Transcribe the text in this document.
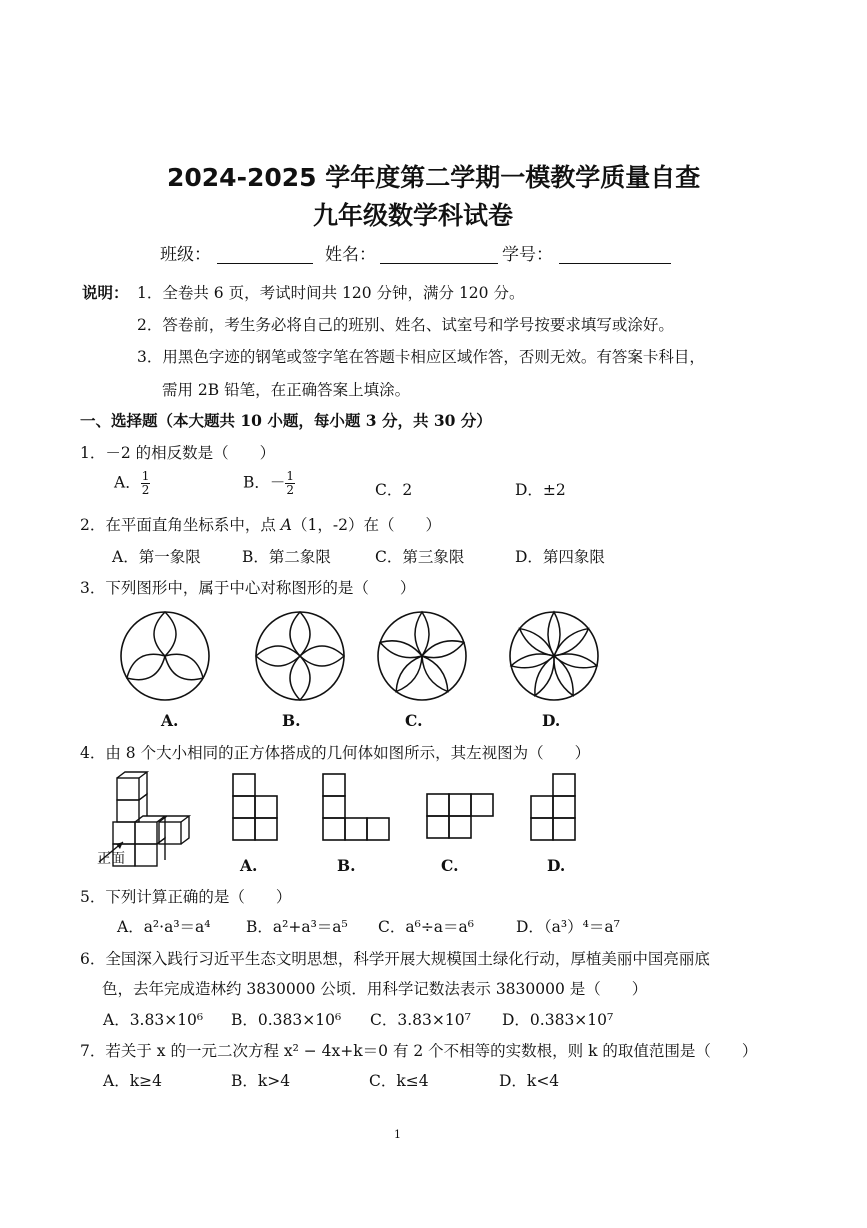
2024-2025 学年度第二学期一模教学质量自查
九年级数学科试卷
班级：	姓名：	学号：
说明： 1．全卷共 6 页，考试时间共 120 分钟，满分 120 分。
2．答卷前，考生务必将自己的班别、姓名、试室号和学号按要求填写或涂好。
3．用黑色字迹的钢笔或签字笔在答题卡相应区域作答，否则无效。有答案卡科目，
需用 2B 铅笔，在正确答案上填涂。
一、选择题（本大题共 10 小题，每小题 3 分，共 30 分）
1．－2 的相反数是（　　）
A． $\frac{1}{2}$	B．－ $\frac{1}{2}$	C．2	D．±2
2．在平面直角坐标系中，点 A（1，-2）在（　　）
A．第一象限	B．第二象限	C．第三象限	D．第四象限
3．下列图形中，属于中心对称图形的是（　　）
A.	B.	C.	D.
4．由 8 个大小相同的正方体搭成的几何体如图所示，其左视图为（　　）
正面	A.	B.	C.	D.
5．下列计算正确的是（　　）
A．a²·a³＝a⁴ B．a²+a³＝a⁵ C．a⁶÷a＝a⁶	D．（a³）⁴＝a⁷
6．全国深入践行习近平生态文明思想，科学开展大规模国土绿化行动，厚植美丽中国亮丽底
色，去年完成造林约 3830000 公顷．用科学记数法表示 3830000 是（　　）
A．3.83×10⁶ B．0.383×10⁶ C．3.83×10⁷ D．0.383×10⁷
7．若关于 x 的一元二次方程 x² − 4x+k＝0 有 2 个不相等的实数根，则 k 的取值范围是（　　）
A．k≥4	B．k>4	C．k≤4	D．k<4
1
